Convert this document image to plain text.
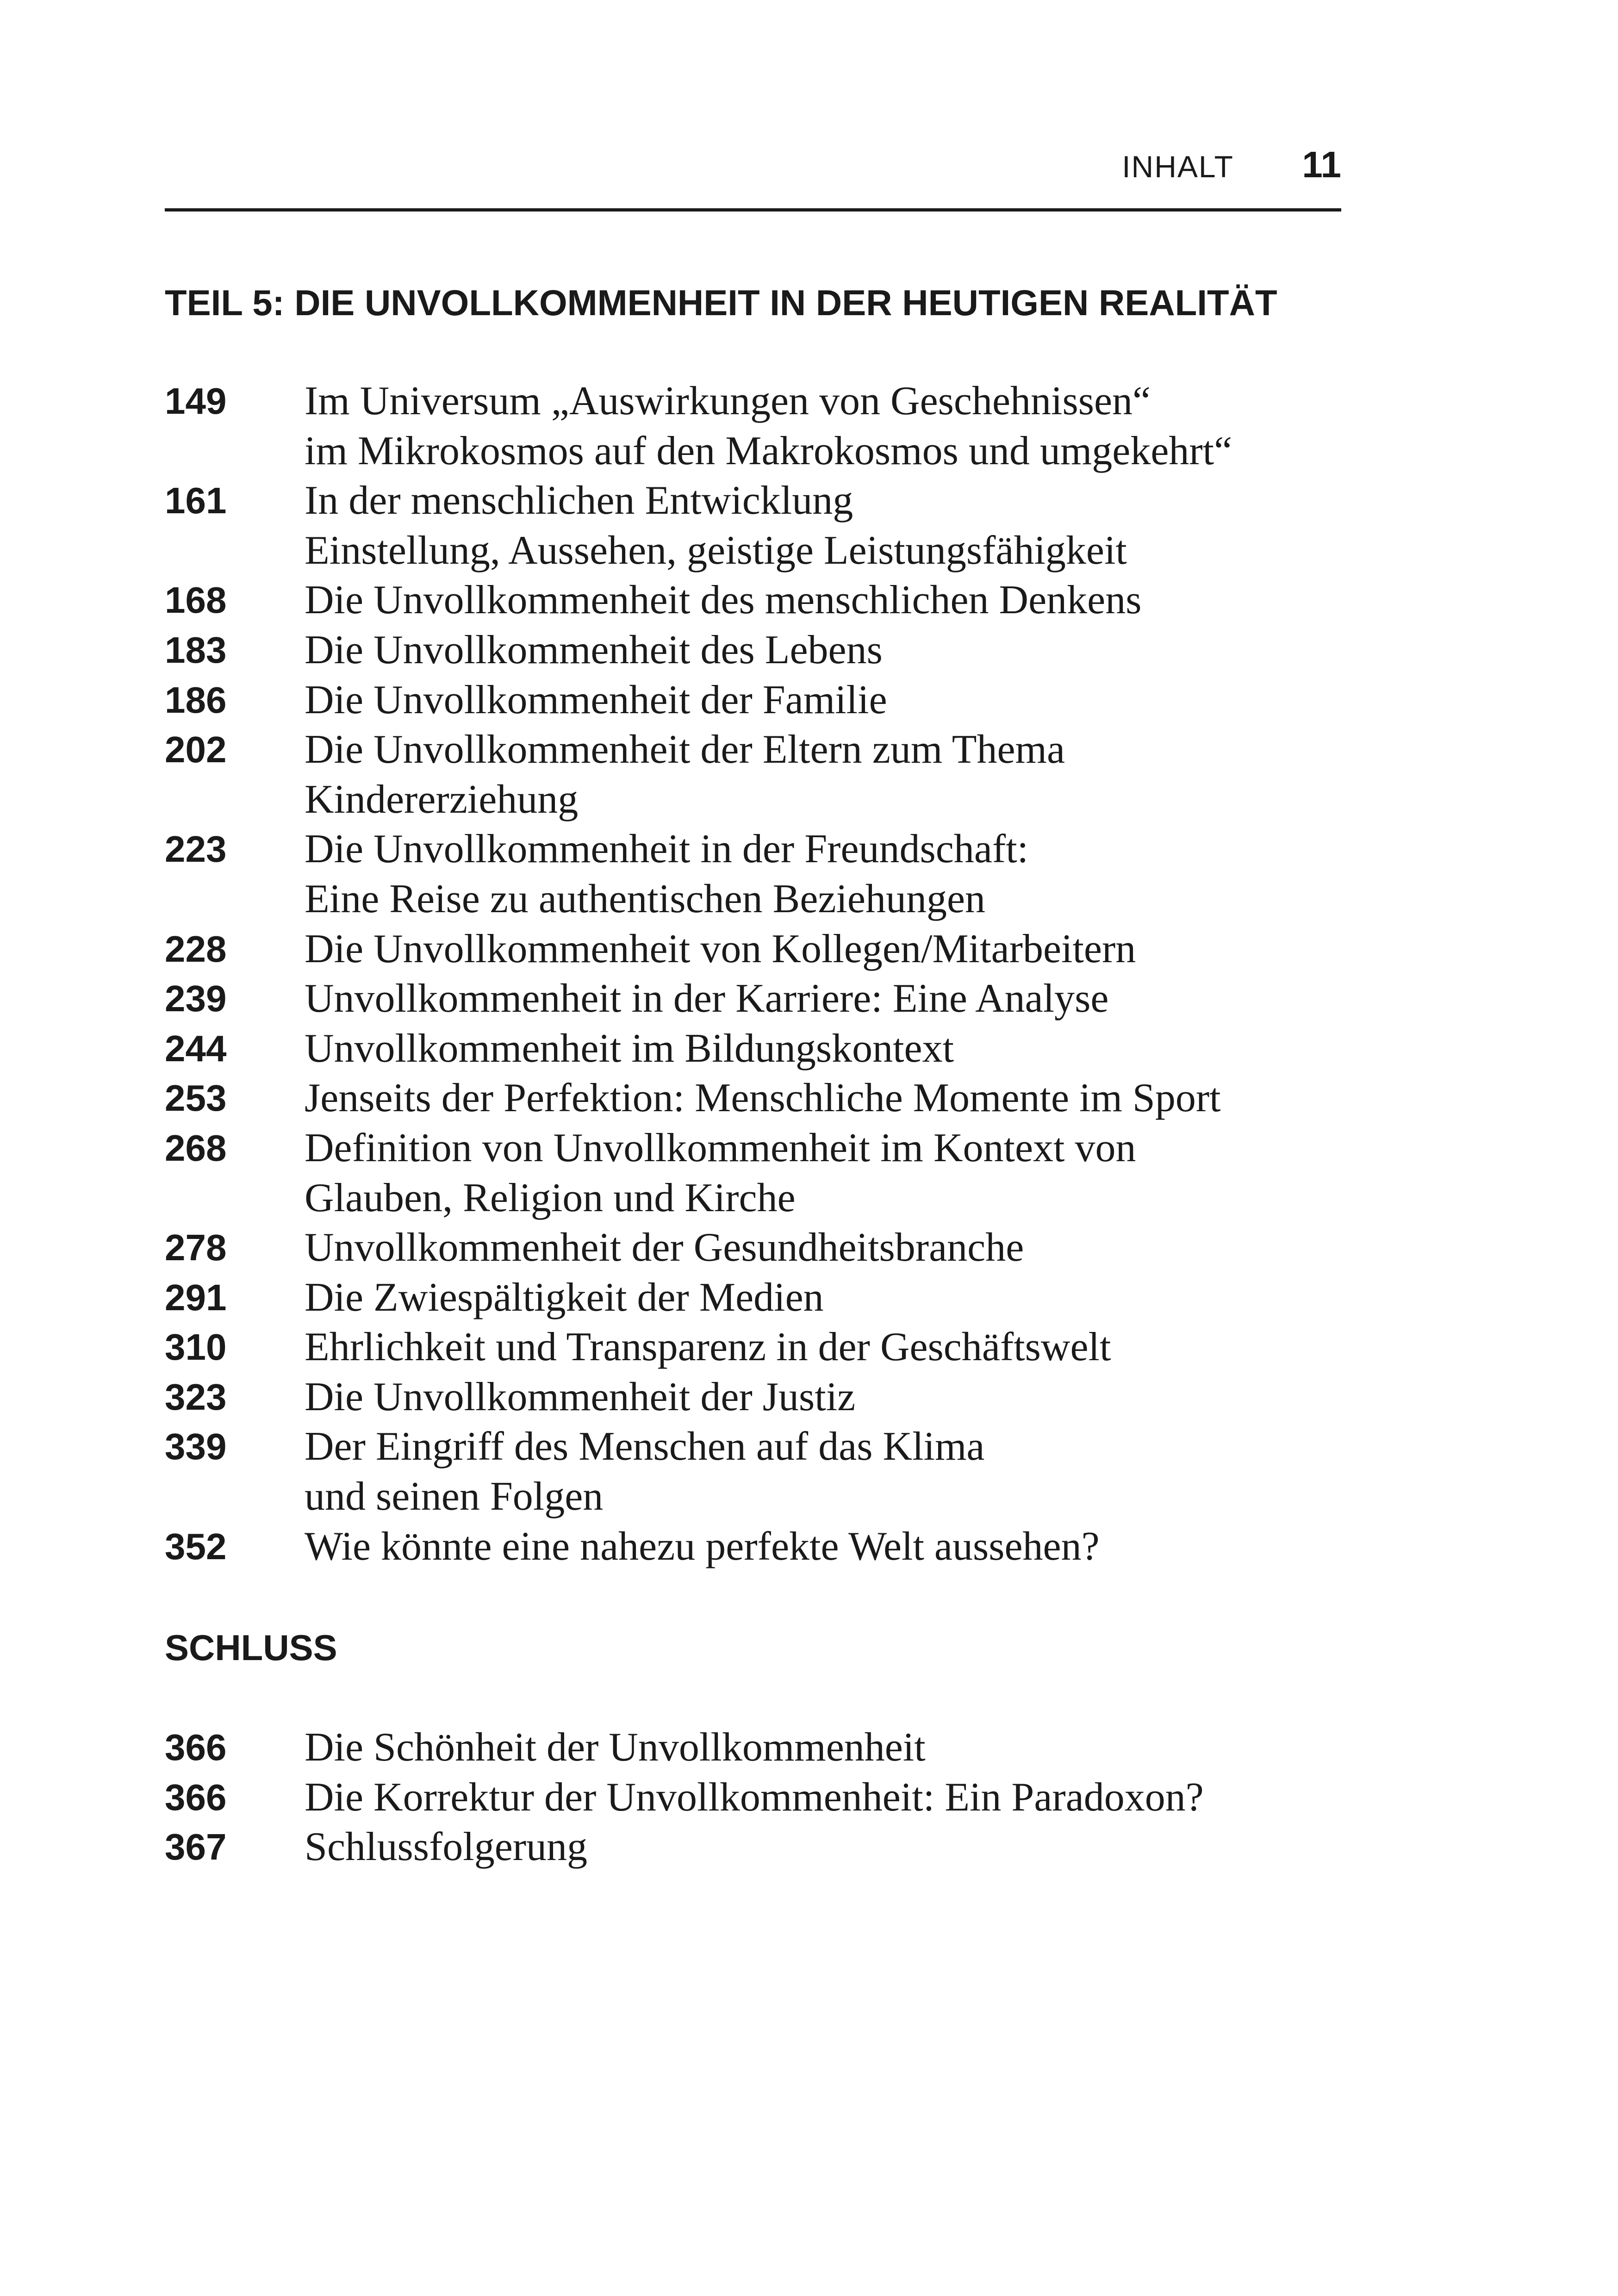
INHALT 11
TEIL 5: DIE UNVOLLKOMMENHEIT IN DER HEUTIGEN REALITÄT
149	Im Universum „Auswirkungen von Geschehnissen“
im Mikrokosmos auf den Makrokosmos und umgekehrt“
161	In der menschlichen Entwicklung
Einstellung, Aussehen, geistige Leistungsfähigkeit
168	Die Unvollkommenheit des menschlichen Denkens
183	Die Unvollkommenheit des Lebens
186	Die Unvollkommenheit der Familie
202	Die Unvollkommenheit der Eltern zum Thema
Kindererziehung
223	Die Unvollkommenheit in der Freundschaft:
Eine Reise zu authentischen Beziehungen
228	Die Unvollkommenheit von Kollegen/Mitarbeitern
239	Unvollkommenheit in der Karriere: Eine Analyse
244	Unvollkommenheit im Bildungskontext
253	Jenseits der Perfektion: Menschliche Momente im Sport
268	Definition von Unvollkommenheit im Kontext von
Glauben, Religion und Kirche
278	Unvollkommenheit der Gesundheitsbranche
291	Die Zwiespältigkeit der Medien
310	Ehrlichkeit und Transparenz in der Geschäftswelt
323	Die Unvollkommenheit der Justiz
339	Der Eingriff des Menschen auf das Klima
und seinen Folgen
352	Wie könnte eine nahezu perfekte Welt aussehen?
SCHLUSS
366	Die Schönheit der Unvollkommenheit
366	Die Korrektur der Unvollkommenheit: Ein Paradoxon?
367	Schlussfolgerung
